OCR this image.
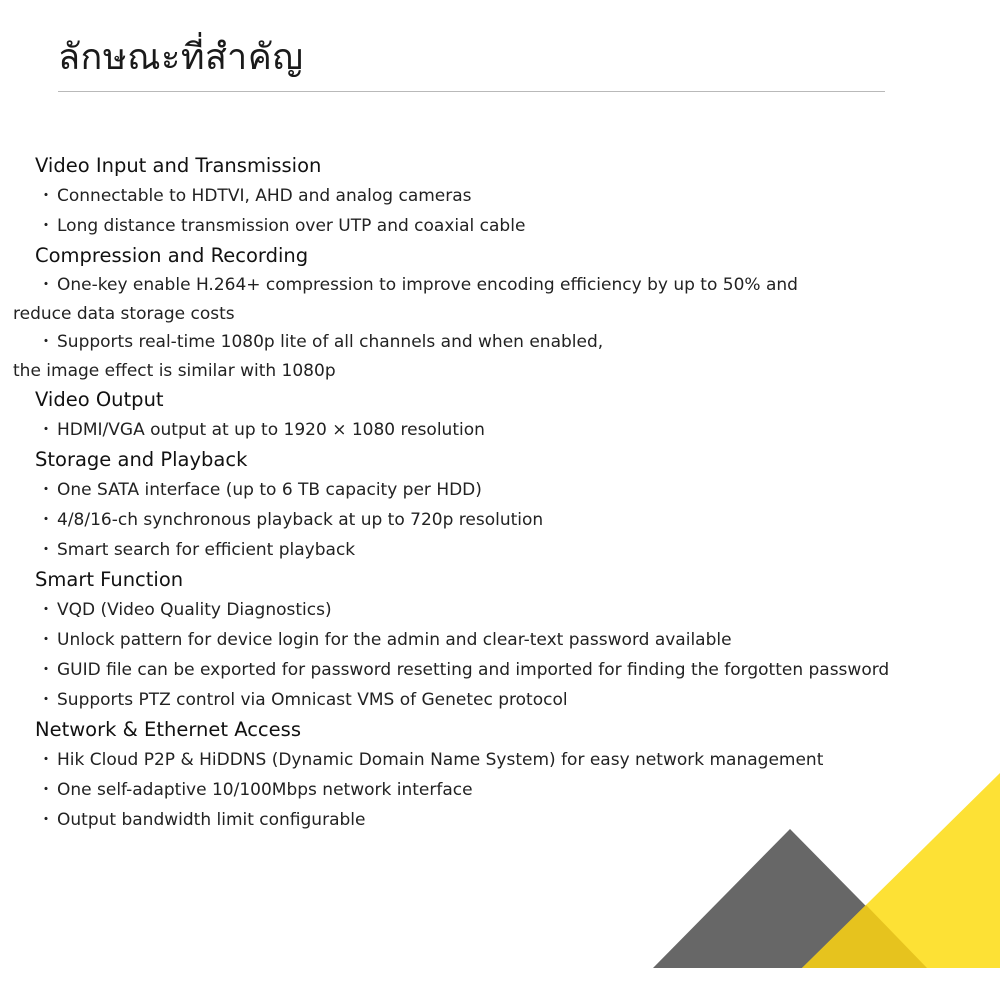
ลักษณะที่สำคัญ
Video Input and Transmission
・ Connectable to HDTVI, AHD and analog cameras
・ Long distance transmission over UTP and coaxial cable
Compression and Recording
・ One-key enable H.264+ compression to improve encoding efficiency by up to 50% and
reduce data storage costs
・ Supports real-time 1080p lite of all channels and when enabled,
the image effect is similar with 1080p
Video Output
・ HDMI/VGA output at up to 1920 × 1080 resolution
Storage and Playback
・ One SATA interface (up to 6 TB capacity per HDD)
・ 4/8/16-ch synchronous playback at up to 720p resolution
・ Smart search for efficient playback
Smart Function
・ VQD (Video Quality Diagnostics)
・ Unlock pattern for device login for the admin and clear-text password available
・ GUID file can be exported for password resetting and imported for finding the forgotten password
・ Supports PTZ control via Omnicast VMS of Genetec protocol
Network & Ethernet Access
・ Hik Cloud P2P & HiDDNS (Dynamic Domain Name System) for easy network management
・ One self-adaptive 10/100Mbps network interface
・ Output bandwidth limit configurable
